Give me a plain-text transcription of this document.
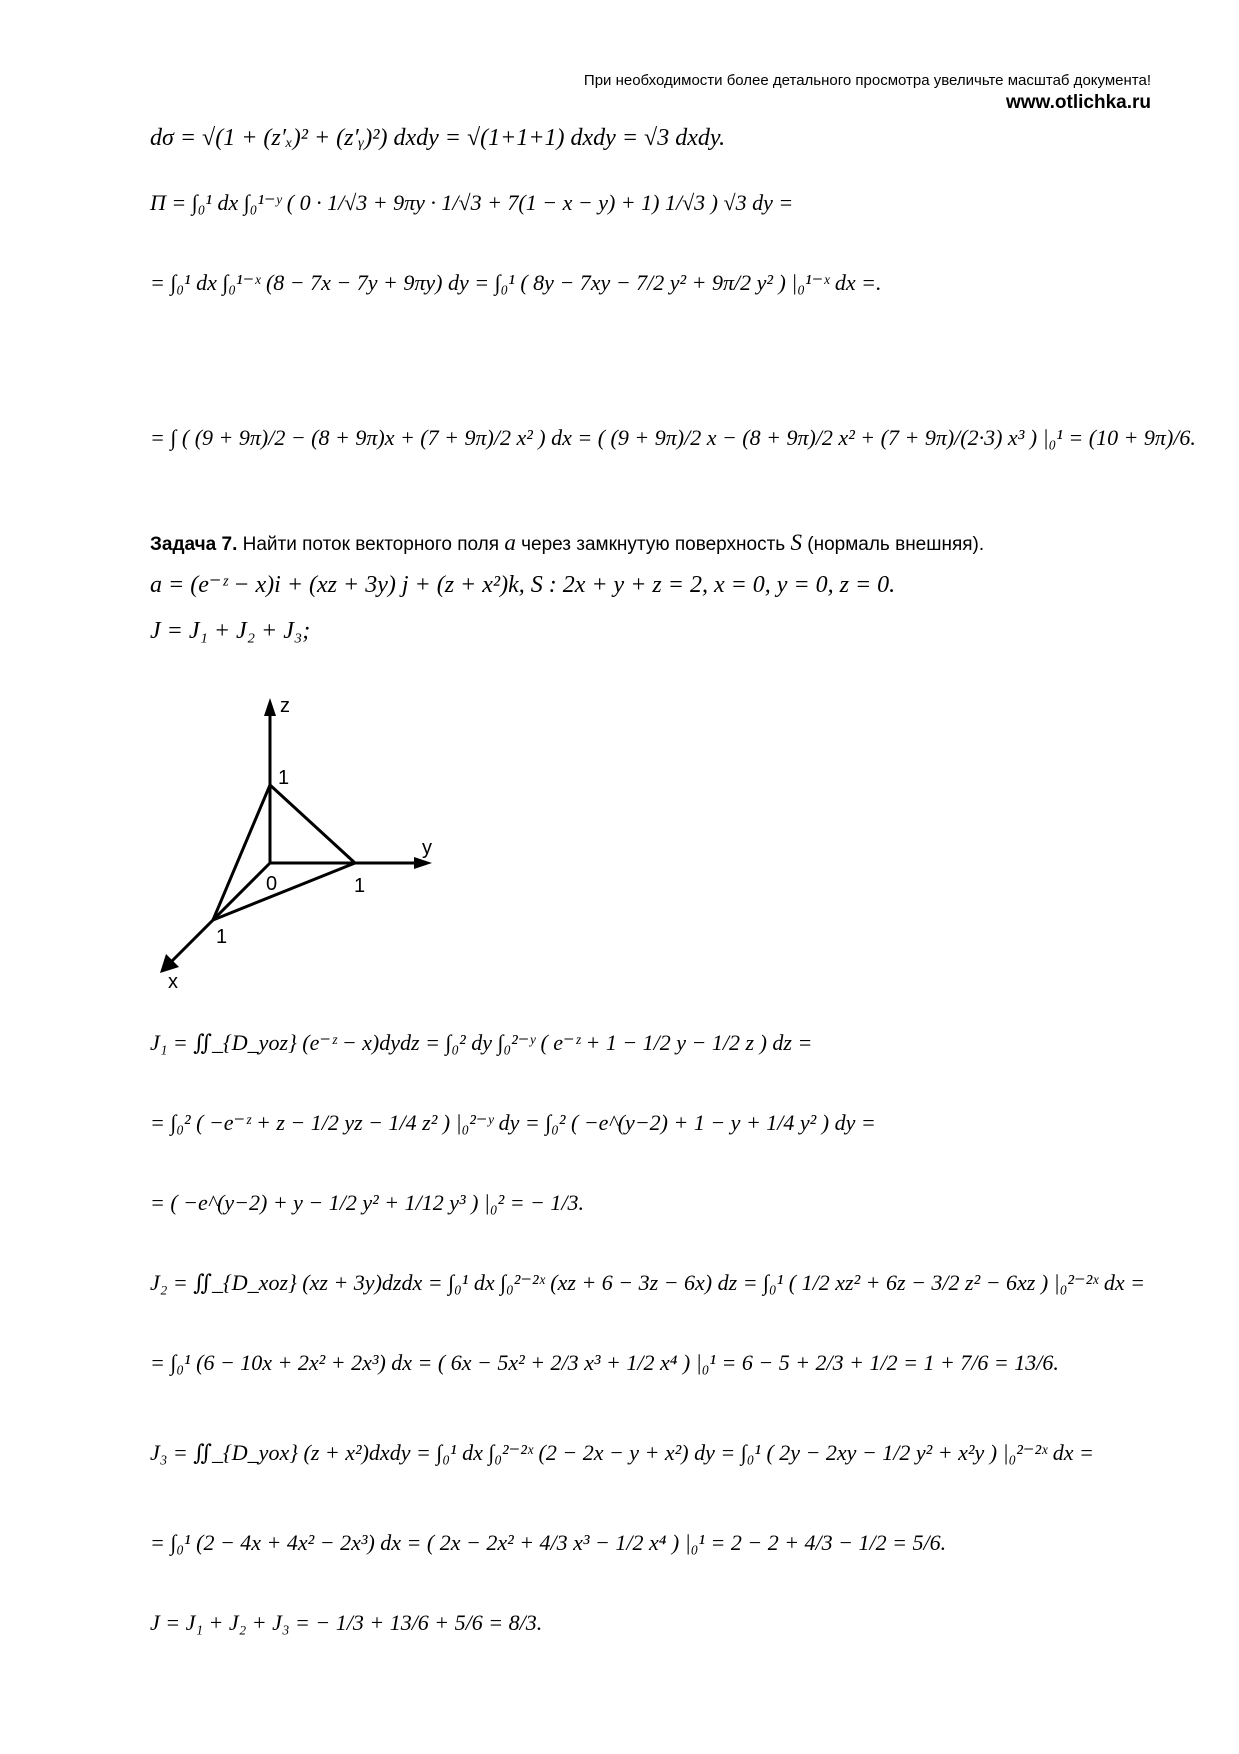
При необходимости более детального просмотра увеличьте масштаб документа!
www.otlichka.ru
dσ = √(1 + (z′ₓ)² + (z′ᵧ)²) dxdy = √(1+1+1) dxdy = √3 dxdy.
Π = ∫₀¹ dx ∫₀¹⁻ʸ ( 0 · 1/√3 + 9πy · 1/√3 + 7(1 − x − y) + 1) 1/√3 ) √3 dy =
= ∫₀¹ dx ∫₀¹⁻ˣ (8 − 7x − 7y + 9πy) dy = ∫₀¹ ( 8y − 7xy − 7/2 y² + 9π/2 y² ) |₀¹⁻ˣ dx =.
= ∫ ( (9 + 9π)/2 − (8 + 9π)x + (7 + 9π)/2 x² ) dx = ( (9 + 9π)/2 x − (8 + 9π)/2 x² + (7 + 9π)/(2·3) x³ ) |₀¹ = (10 + 9π)/6.
Задача 7. Найти поток векторного поля a через замкнутую поверхность S (нормаль внешняя).
a = (e⁻ᶻ − x)i + (xz + 3y) j + (z + x²)k, S : 2x + y + z = 2, x = 0, y = 0, z = 0.
J = J₁ + J₂ + J₃;
z
y
x
0
1
1
1
J₁ = ∬_{D_yoz} (e⁻ᶻ − x)dydz = ∫₀² dy ∫₀²⁻ʸ ( e⁻ᶻ + 1 − 1/2 y − 1/2 z ) dz =
= ∫₀² ( −e⁻ᶻ + z − 1/2 yz − 1/4 z² ) |₀²⁻ʸ dy = ∫₀² ( −e^(y−2) + 1 − y + 1/4 y² ) dy =
= ( −e^(y−2) + y − 1/2 y² + 1/12 y³ ) |₀² = − 1/3.
J₂ = ∬_{D_xoz} (xz + 3y)dzdx = ∫₀¹ dx ∫₀²⁻²ˣ (xz + 6 − 3z − 6x) dz = ∫₀¹ ( 1/2 xz² + 6z − 3/2 z² − 6xz ) |₀²⁻²ˣ dx =
= ∫₀¹ (6 − 10x + 2x² + 2x³) dx = ( 6x − 5x² + 2/3 x³ + 1/2 x⁴ ) |₀¹ = 6 − 5 + 2/3 + 1/2 = 1 + 7/6 = 13/6.
J₃ = ∬_{D_yox} (z + x²)dxdy = ∫₀¹ dx ∫₀²⁻²ˣ (2 − 2x − y + x²) dy = ∫₀¹ ( 2y − 2xy − 1/2 y² + x²y ) |₀²⁻²ˣ dx =
= ∫₀¹ (2 − 4x + 4x² − 2x³) dx = ( 2x − 2x² + 4/3 x³ − 1/2 x⁴ ) |₀¹ = 2 − 2 + 4/3 − 1/2 = 5/6.
J = J₁ + J₂ + J₃ = − 1/3 + 13/6 + 5/6 = 8/3.
